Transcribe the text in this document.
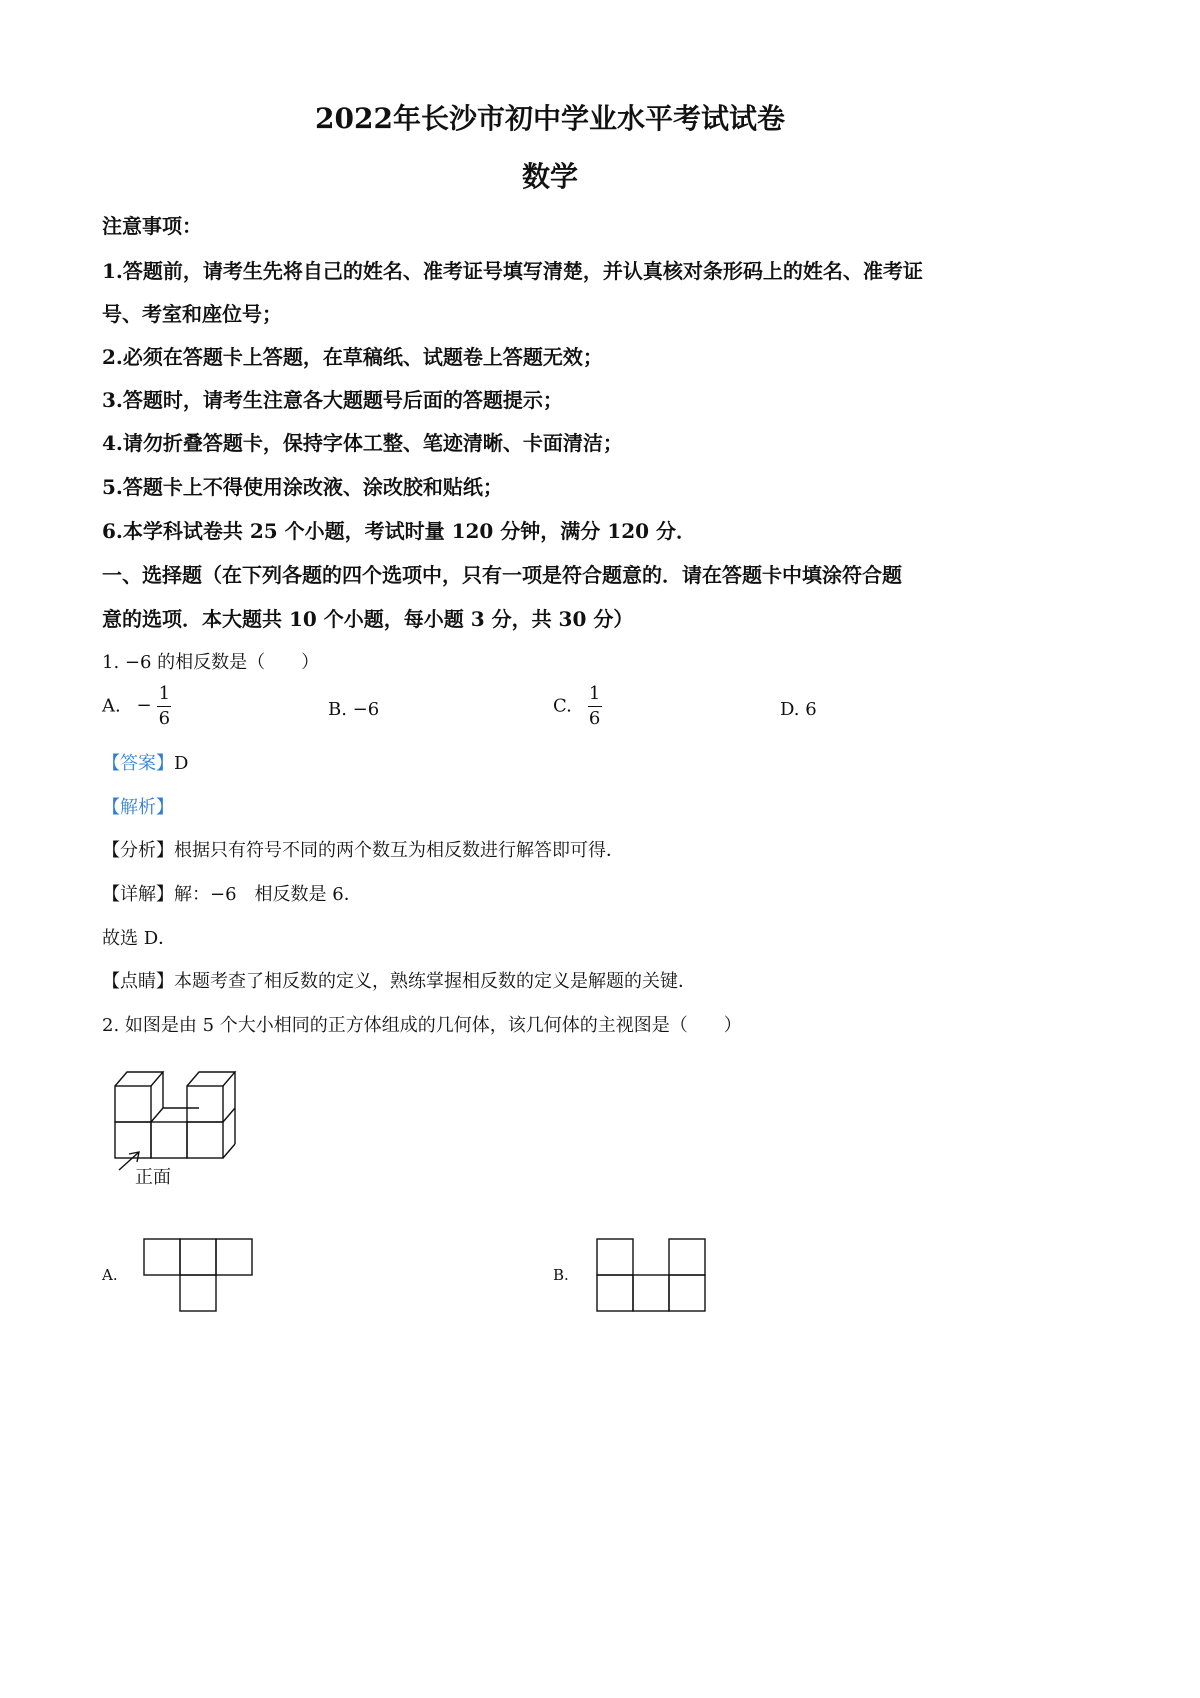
2022年长沙市初中学业水平考试试卷
数学
注意事项：
1.答题前，请考生先将自己的姓名、准考证号填写清楚，并认真核对条形码上的姓名、准考证
号、考室和座位号；
2.必须在答题卡上答题，在草稿纸、试题卷上答题无效；
3.答题时，请考生注意各大题题号后面的答题提示；
4.请勿折叠答题卡，保持字体工整、笔迹清晰、卡面清洁；
5.答题卡上不得使用涂改液、涂改胶和贴纸；
6.本学科试卷共 25 个小题，考试时量 120 分钟，满分 120 分．
一、选择题（在下列各题的四个选项中，只有一项是符合题意的．请在答题卡中填涂符合题
意的选项．本大题共 10 个小题，每小题 3 分，共 30 分）
1. −6 的相反数是（　　）
A. − $\frac{1}{6}$	B. −6	C. $\frac{1}{6}$	D. 6
【答案】D
【解析】
【分析】根据只有符号不同的两个数互为相反数进行解答即可得．
【详解】解：−6　相反数是 6．
故选 D．
【点睛】本题考查了相反数的定义，熟练掌握相反数的定义是解题的关键．
2. 如图是由 5 个大小相同的正方体组成的几何体，该几何体的主视图是（　　）
正面
A.	B.
